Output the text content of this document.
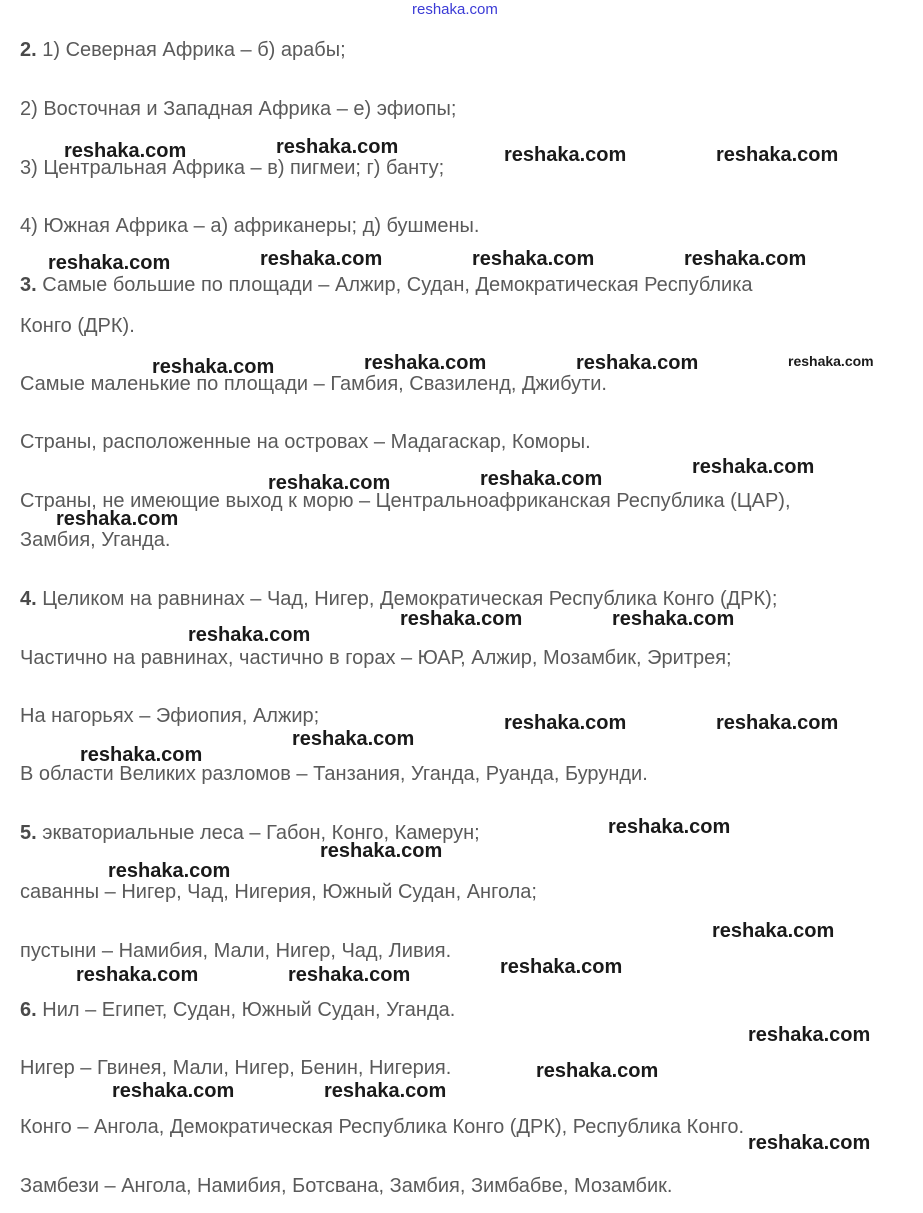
reshaka.com
2. 1) Северная Африка – б) арабы;
2) Восточная и Западная Африка – е) эфиопы;
3) Центральная Африка – в) пигмеи; г) банту;
4) Южная Африка – а) африканеры; д) бушмены.
3. Самые большие по площади – Алжир, Судан, Демократическая Республика
Конго (ДРК).
Самые маленькие по площади – Гамбия, Свазиленд, Джибути.
Страны, расположенные на островах – Мадагаскар, Коморы.
Страны, не имеющие выход к морю – Центральноафриканская Республика (ЦАР),
Замбия, Уганда.
4. Целиком на равнинах – Чад, Нигер, Демократическая Республика Конго (ДРК);
Частично на равнинах, частично в горах – ЮАР, Алжир, Мозамбик, Эритрея;
На нагорьях – Эфиопия, Алжир;
В области Великих разломов – Танзания, Уганда, Руанда, Бурунди.
5. экваториальные леса – Габон, Конго, Камерун;
саванны – Нигер, Чад, Нигерия, Южный Судан, Ангола;
пустыни – Намибия, Мали, Нигер, Чад, Ливия.
6. Нил – Египет, Судан, Южный Судан, Уганда.
Нигер – Гвинея, Мали, Нигер, Бенин, Нигерия.
Конго – Ангола, Демократическая Республика Конго (ДРК), Республика Конго.
Замбези – Ангола, Намибия, Ботсвана, Замбия, Зимбабве, Мозамбик.
reshaka.com	reshaka.com	reshaka.com	reshaka.com
reshaka.com	reshaka.com	reshaka.com	reshaka.com
reshaka.com	reshaka.com	reshaka.com	reshaka.com
reshaka.com	reshaka.com
reshaka.com
reshaka.com
reshaka.com
reshaka.com	reshaka.com
reshaka.com	reshaka.com
reshaka.com
reshaka.com
reshaka.com
reshaka.com
reshaka.com
reshaka.com
reshaka.com
reshaka.com	reshaka.com
reshaka.com
reshaka.com
reshaka.com	reshaka.com
reshaka.com
